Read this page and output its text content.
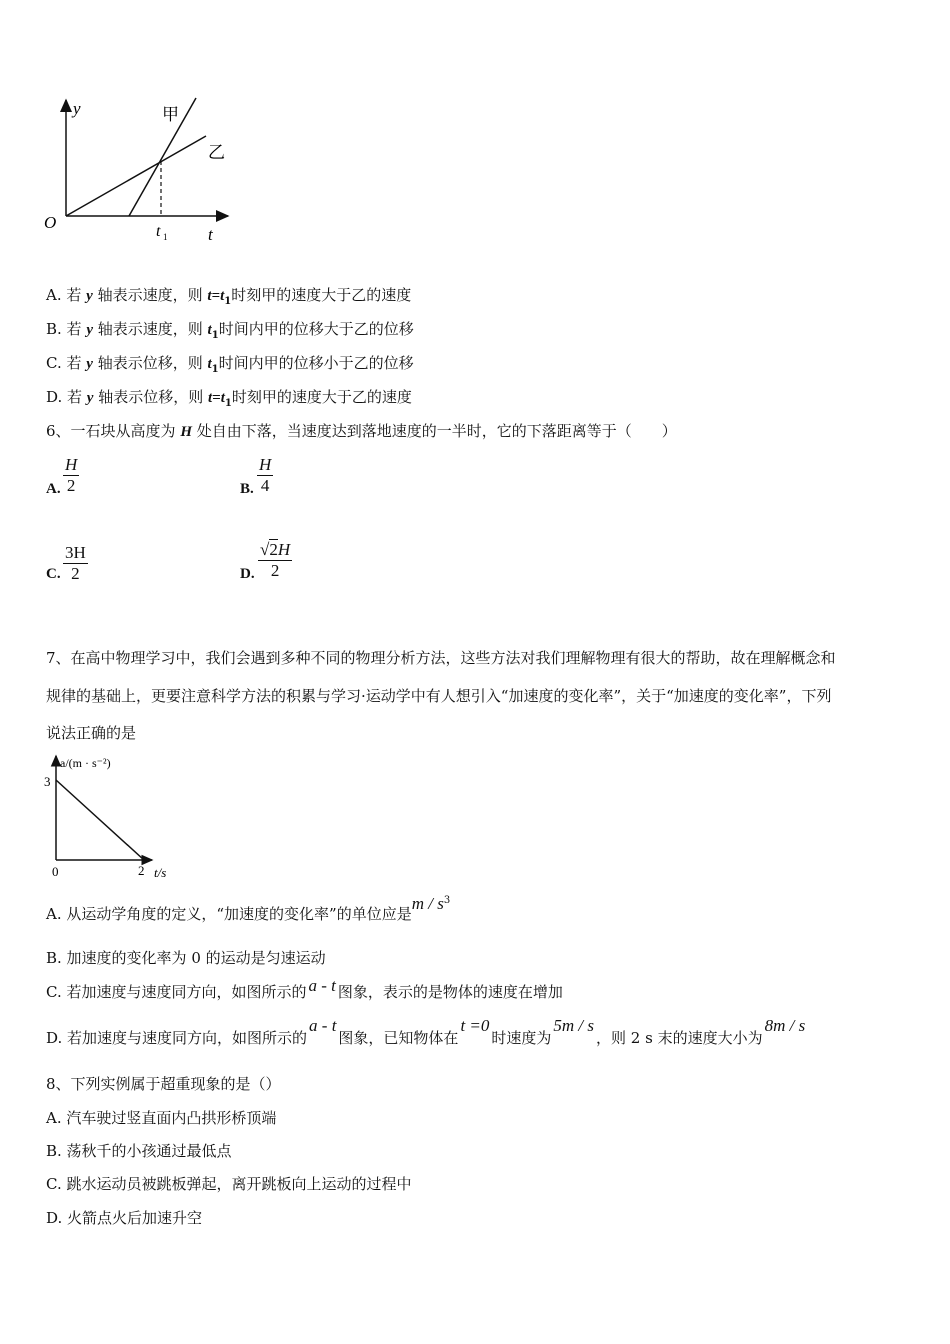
y
O
t
t 1
甲
乙
A. 若 y 轴表示速度，则 $t=t_1$时刻甲的速度大于乙的速度
B. 若 y 轴表示速度，则 $t_1$时间内甲的位移大于乙的位移
C. 若 y 轴表示位移，则 $t_1$时间内甲的位移小于乙的位移
D. 若 y 轴表示位移，则 $t=t_1$时刻甲的速度大于乙的速度
6、一石块从高度为 H 处自由下落，当速度达到落地速度的一半时，它的下落距离等于（　　）
A. $\frac{H}{2}$	B. $\frac{H}{4}$
C. $\frac{3H}{2}$	D. $\frac{√2H}{2}$
7、在高中物理学习中，我们会遇到多种不同的物理分析方法，这些方法对我们理解物理有很大的帮助，故在理解概念和
规律的基础上，更要注意科学方法的积累与学习·运动学中有人想引入“加速度的变化率”，关于“加速度的变化率”，下列
说法正确的是
a/(m · s⁻²)
3
0	2 t/s
A. 从运动学角度的定义，“加速度的变化率”的单位应是m / $s^3$
B. 加速度的变化率为 0 的运动是匀速运动
C. 若加速度与速度同方向，如图所示的 a - t 图象，表示的是物体的速度在增加
D. 若加速度与速度同方向，如图所示的a - t图象，已知物体在t =0时速度为5m / s，则 2 s 末的速度大小为8m / s
8、下列实例属于超重现象的是（）
A. 汽车驶过竖直面内凸拱形桥顶端
B. 荡秋千的小孩通过最低点
C. 跳水运动员被跳板弹起，离开跳板向上运动的过程中
D. 火箭点火后加速升空
